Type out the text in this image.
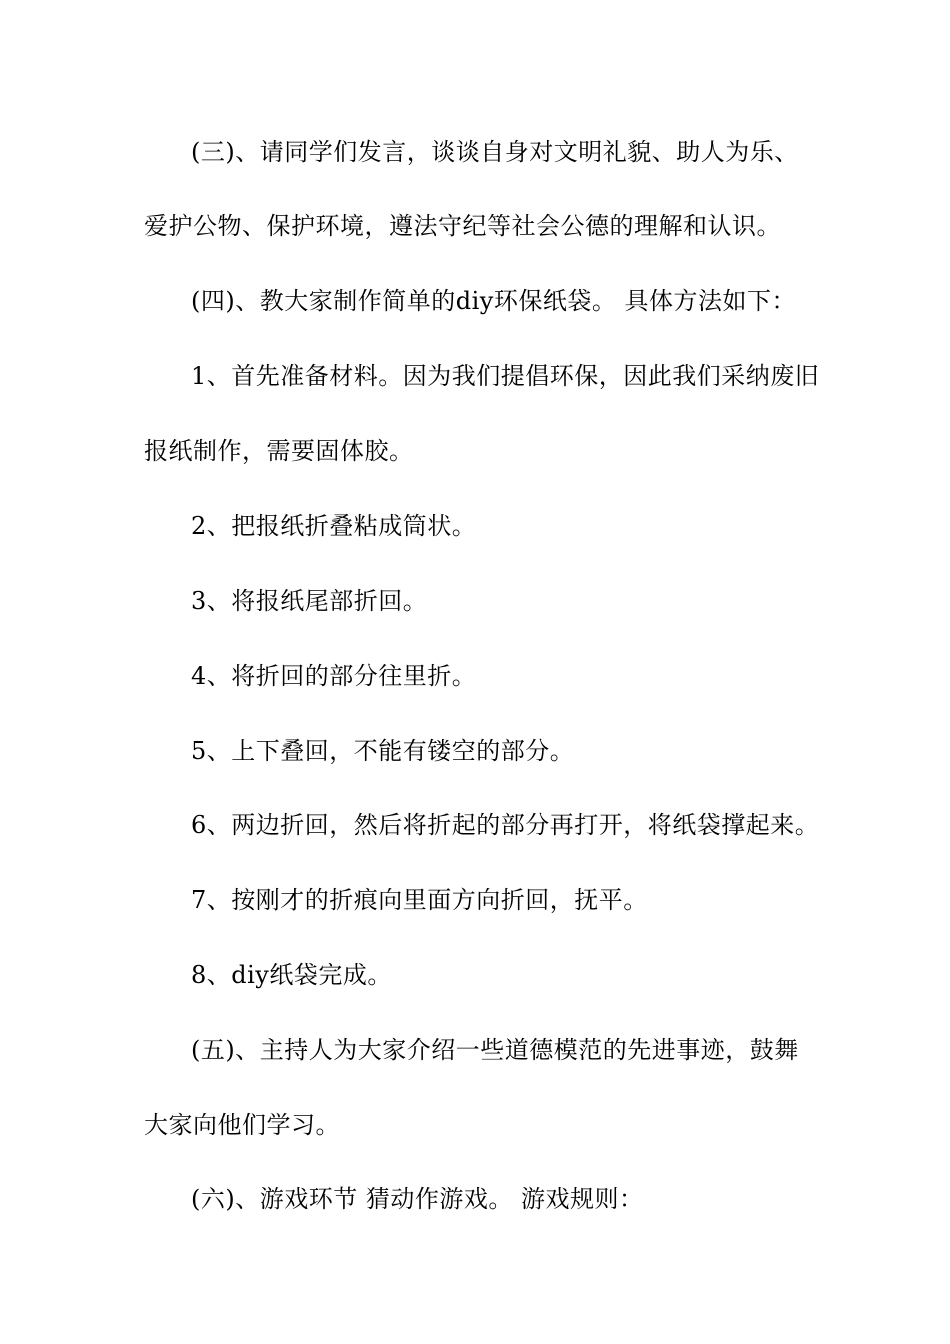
(三)、请同学们发言，谈谈自身对文明礼貌、助人为乐、
爱护公物、保护环境，遵法守纪等社会公德的理解和认识。
(四)、教大家制作简单的diy环保纸袋。 具体方法如下：
1、首先准备材料。因为我们提倡环保，因此我们采纳废旧
报纸制作，需要固体胶。
2、把报纸折叠粘成筒状。
3、将报纸尾部折回。
4、将折回的部分往里折。
5、上下叠回，不能有镂空的部分。
6、两边折回，然后将折起的部分再打开，将纸袋撑起来。
7、按刚才的折痕向里面方向折回，抚平。
8、diy纸袋完成。
(五)、主持人为大家介绍一些道德模范的先进事迹，鼓舞
大家向他们学习。
(六)、游戏环节 猜动作游戏。 游戏规则：
